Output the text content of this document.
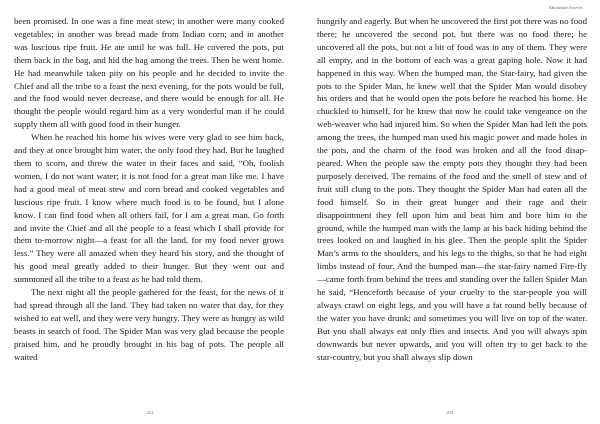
been promised. In one was a fine meat stew; in another were many cooked vegetables; in another was bread made from Indian corn; and in another was luscious ripe fruit. He ate until he was full. He covered the pots, put them back in the bag, and hid the bag among the trees. Then he went home. He had meanwhile taken pity on his people and he decided to invite the Chief and all the tribe to a feast the next evening, for the pots would be full, and the food would never decrease, and there would be enough for all. He thought the people would regard him as a very wonderful man if he could supply them all with good food in their hunger.

When he reached his home his wives were very glad to see him back, and they at once brought him water, the only food they had. But he laughed them to scorn, and threw the water in their faces and said, “Oh, foolish women, I do not want water; it is not food for a great man like me. I have had a good meal of meat stew and corn bread and cooked vegetables and luscious ripe fruit. I know where much food is to be found, but I alone know. I can find food when all others fail, for I am a great man. Go forth and invite the Chief and all the people to a feast which I shall provide for them to-morrow night—a feast for all the land, for my food never grows less.” They were all amazed when they heard his story, and the thought of his good meal greatly added to their hunger. But they went out and summoned all the tribe to a feast as he had told them.

The next night all the people gathered for the feast, for the news of it had spread through all the land. They had taken no water that day, for they wished to eat well, and they were very hungry. They were as hungry as wild beasts in search of food. The Spider Man was very glad because the people praised him, and he proudly brought in his bag of pots. The people all waited

212
Aboubide Stories

hungrily and eagerly. But when he uncovered the first pot there was no food there; he uncovered the second pot, but there was no food there; he uncovered all the pots, but not a bit of food was in any of them. They were all empty, and in the bottom of each was a great gaping hole. Now it had happened in this way. When the humped man, the Star-fairy, had given the pots to the Spider Man, he knew well that the Spider Man would disobey his orders and that he would open the pots before he reached his home. He chuckled to himself, for he knew that now he could take vengeance on the web-weaver who had injured him. So when the Spider Man had left the pots among the trees, the humped man used his magic power and made holes in the pots, and the charm of the food was broken and all the food disappeared. When the people saw the empty pots they thought they had been purposely deceived. The remains of the food and the smell of stew and of fruit still clung to the pots. They thought the Spider Man had eaten all the food himself. So in their great hunger and their rage and their disappointment they fell upon him and beat him and bore him to the ground, while the humped man with the lamp at his back hiding behind the trees looked on and laughed in his glee. Then the people split the Spider Man’s arms to the shoulders, and his legs to the thighs, so that he had eight limbs instead of four. And the humped man—the star-fairy named Fire-fly—came forth from behind the trees and standing over the fallen Spider Man he said, “Henceforth because of your cruelty to the star-people you will always crawl on eight legs, and you will have a fat round belly because of the water you have drunk; and sometimes you will live on top of the water. But you shall always eat only flies and insects. And you will always spin downwards but never upwards, and you will often try to get back to the star-country, but you shall always slip down

213
